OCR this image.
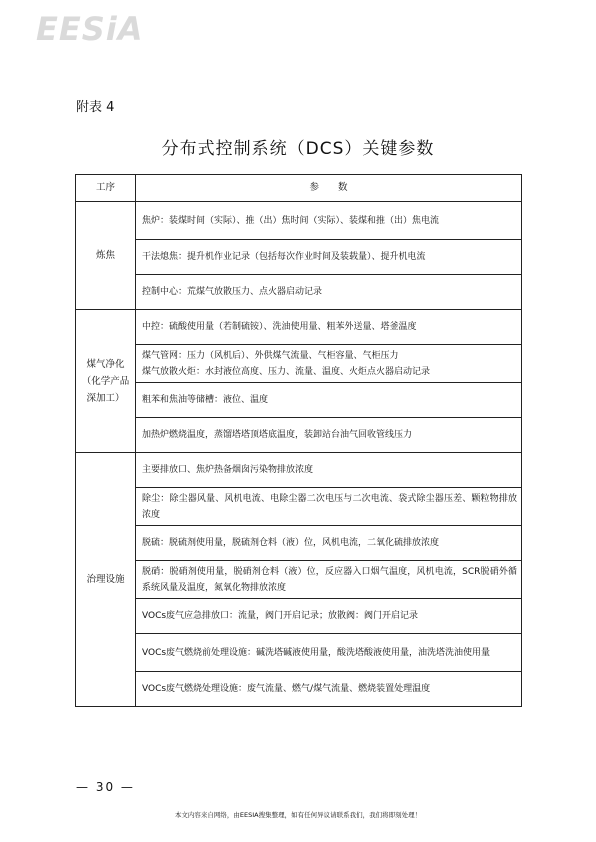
EESiA
附表 4
分布式控制系统（DCS）关键参数
工序	参　　数
炼焦	焦炉：装煤时间（实际）、推（出）焦时间（实际）、装煤和推（出）焦电流
	干法熄焦：提升机作业记录（包括每次作业时间及装载量）、提升机电流
	控制中心：荒煤气放散压力、点火器启动记录
煤气净化（化学产品深加工）	中控：硫酸使用量（若制硫铵）、洗油使用量、粗苯外送量、塔釜温度
	煤气管网：压力（风机后）、外供煤气流量、气柜容量、气柜压力
煤气放散火炬：水封液位高度、压力、流量、温度、火炬点火器启动记录
	粗苯和焦油等储槽：液位、温度
	加热炉燃烧温度，蒸馏塔塔顶塔底温度，装卸站台油气回收管线压力
治理设施	主要排放口、焦炉热备烟囱污染物排放浓度
	除尘：除尘器风量、风机电流、电除尘器二次电压与二次电流、袋式除尘器压差、颗粒物排放浓度
	脱硫：脱硫剂使用量，脱硫剂仓料（液）位，风机电流，二氧化硫排放浓度
	脱硝：脱硝剂使用量，脱硝剂仓料（液）位，反应器入口烟气温度，风机电流，SCR脱硝外循系统风量及温度，氮氧化物排放浓度
	VOCs废气应急排放口：流量，阀门开启记录；放散阀：阀门开启记录
	VOCs废气燃烧前处理设施：碱洗塔碱液使用量，酸洗塔酸液使用量，油洗塔洗油使用量
	VOCs废气燃烧处理设施：废气流量、燃气/煤气流量、燃烧装置处理温度
— 30 —
本文内容来自网络，由EESIA搜集整理，如有任何异议请联系我们，我们将即刻处理！
